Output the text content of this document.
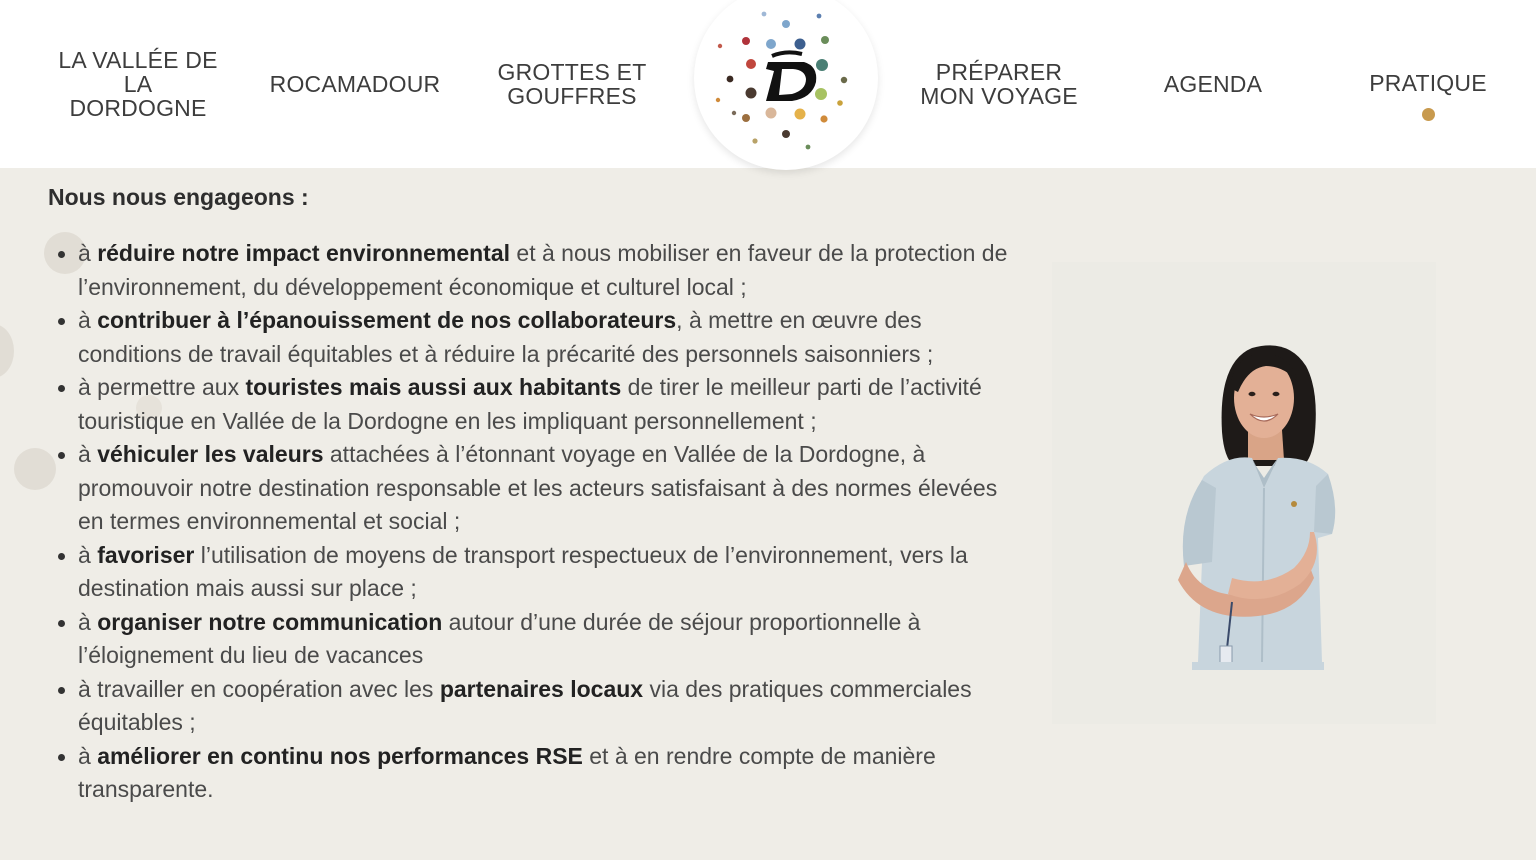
LA VALLÉE DE
LA
DORDOGNE
ROCAMADOUR GROTTES ET
GOUFFRES
PRÉPARER
MON VOYAGE	AGENDA	PRATIQUE
Nous nous engageons :
à réduire notre impact environnemental et à nous mobiliser en faveur de la protection de l’environnement, du développement économique et culturel local ;
à contribuer à l’épanouissement de nos collaborateurs, à mettre en œuvre des conditions de travail équitables et à réduire la précarité des personnels saisonniers ;
à permettre aux touristes mais aussi aux habitants de tirer le meilleur parti de l’activité touristique en Vallée de la Dordogne en les impliquant personnellement ;
à véhiculer les valeurs attachées à l’étonnant voyage en Vallée de la Dordogne, à promouvoir notre destination responsable et les acteurs satisfaisant à des normes élevées en termes environnemental et social ;
à favoriser l’utilisation de moyens de transport respectueux de l’environnement, vers la destination mais aussi sur place ;
à organiser notre communication autour d’une durée de séjour proportionnelle à l’éloignement du lieu de vacances
à travailler en coopération avec les partenaires locaux via des pratiques commerciales équitables ;
à améliorer en continu nos performances RSE et à en rendre compte de manière transparente.
